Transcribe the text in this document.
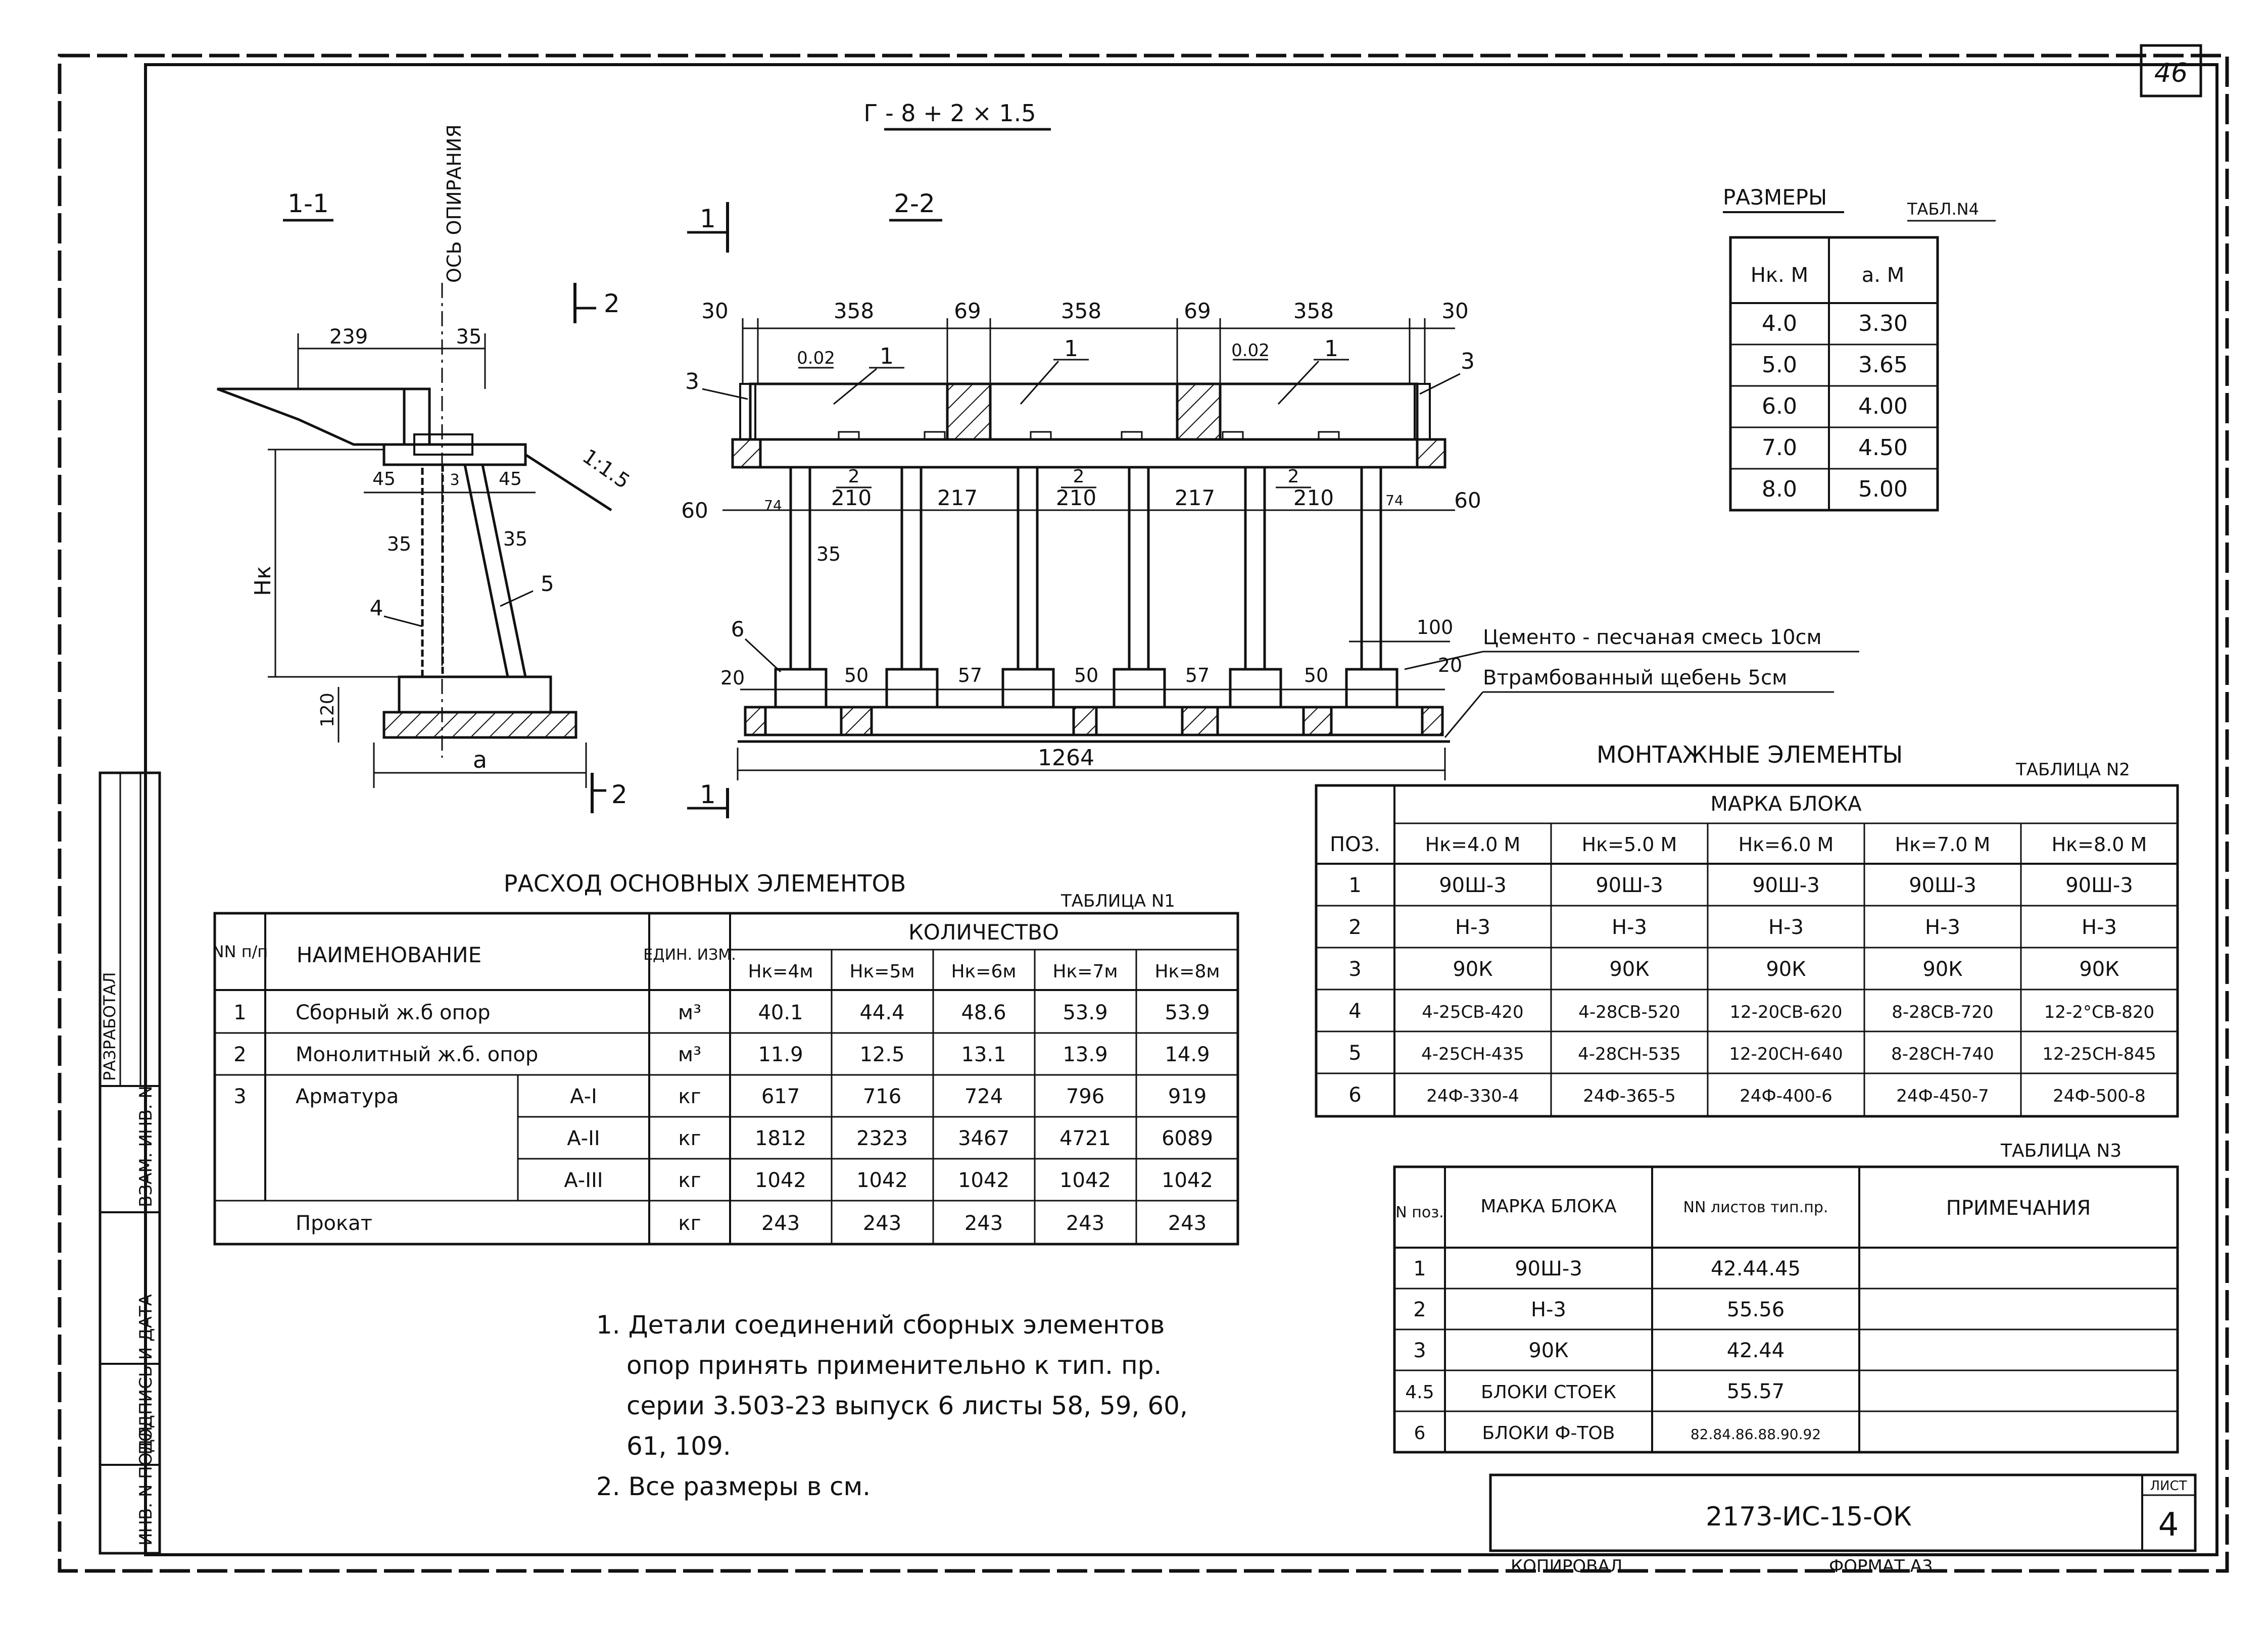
46
ИНВ. N ПОДЛ.
ПОДПИСЬ И ДАТА
ВЗАМ. ИНВ. N
РАЗРАБОТАЛ
Г - 8 + 2 × 1.5
1-1	ОСЬ ОПИРАНИЯ
2
239	35
1:1.5
45	3 45
35	35
4
5
Нк
120
a
2
2-2
1
1
30	358	69	358	69	358	30
0.02	0.02
1	1	1
3
3
60	60
74	74
210	217	210	217	210
2	2	2
35
6
20	50	57	50	57	50	20
100
1264
Цементо - песчаная смесь 10см
Втрамбованный щебень 5см
РАЗМЕРЫ	ТАБЛ.N4
Нк. М	а. М
4.0	3.30
5.0	3.65
6.0	4.00
7.0	4.50
8.0	5.00
МОНТАЖНЫЕ ЭЛЕМЕНТЫ
ТАБЛИЦА N2
МАРКА БЛОКА
ПОЗ. Нк=4.0 М	Нк=5.0 М	Нк=6.0 М	Нк=7.0 М	Нк=8.0 М
1	90Ш-3	90Ш-3	90Ш-3	90Ш-3	90Ш-3
2	Н-3	Н-3	Н-3	Н-3	Н-3
3	90К	90К	90К	90К	90К
4	4-25СВ-420	4-28СВ-520	12-20СВ-620	8-28СВ-720	12-2°СВ-820
5	4-25СН-435	4-28СН-535	12-20СН-640	8-28СН-740	12-25СН-845
6	24Ф-330-4	24Ф-365-5	24Ф-400-6	24Ф-450-7	24Ф-500-8
РАСХОД ОСНОВНЫХ ЭЛЕМЕНТОВ
ТАБЛИЦА N1
NN п/п НАИМЕНОВАНИЕ	ЕДИН. ИЗМ.
КОЛИЧЕСТВО
Нк=4м Нк=5м Нк=6м Нк=7м Нк=8м
1 Сборный ж.б опор	м³	40.1	44.4	48.6	53.9	53.9
2 Монолитный ж.б. опор	м³	11.9	12.5	13.1	13.9	14.9
3 Арматура	А-I	кг	617	716	724	796	919
А-II	кг	1812 2323 3467 4721	6089
А-III	кг	1042 1042 1042 1042	1042
Прокат	кг	243	243	243	243	243
ТАБЛИЦА N3
N поз. МАРКА БЛОКА	NN листов тип.пр.	ПРИМЕЧАНИЯ
1	90Ш-3	42.44.45
2	Н-3	55.56
3	90К	42.44
4.5	БЛОКИ СТОЕК	55.57
6	БЛОКИ Ф-ТОВ	82.84.86.88.90.92
1. Детали соединений сборных элементов
опор принять применительно к тип. пр.
серии 3.503-23 выпуск 6 листы 58, 59, 60,
61, 109.
2. Все размеры в см.
2173-ИС-15-ОК
ЛИСТ
4
КОПИРОВАЛ	ФОРМАТ А3
